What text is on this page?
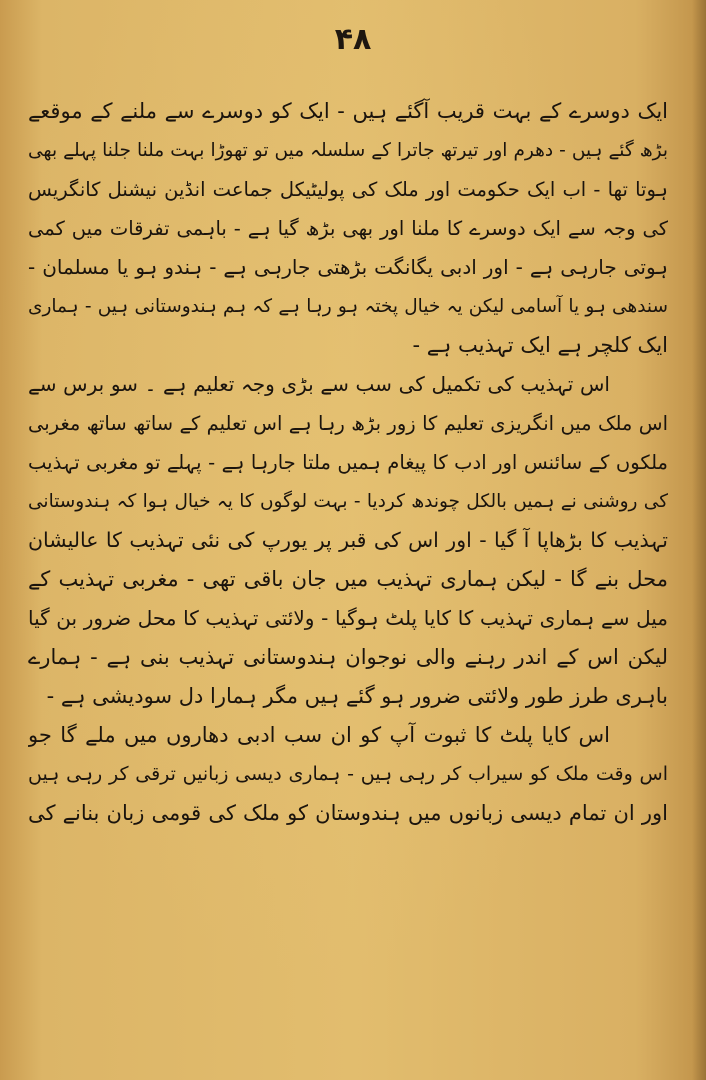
۴۸
ایک دوسرے کے بہت قریب آگئے ہیں - ایک کو دوسرے سے ملنے کے موقعے
بڑھ گئے ہیں - دھرم اور تیرتھ جاترا کے سلسلہ میں تو تھوڑا بہت ملنا جلنا پہلے بھی
ہوتا تھا - اب ایک حکومت اور ملک کی پولیٹیکل جماعت انڈین نیشنل کانگریس
کی وجہ سے ایک دوسرے کا ملنا اور بھی بڑھ گیا ہے - باہمی تفرقات میں کمی
ہوتی جارہی ہے - اور ادبی یگانگت بڑھتی جارہی ہے - ہندو ہو یا مسلمان -
سندھی ہو یا آسامی لیکن یہ خیال پختہ ہو رہا ہے کہ ہم ہندوستانی ہیں - ہماری
ایک کلچر ہے ایک تہذیب ہے -
اس تہذیب کی تکمیل کی سب سے بڑی وجہ تعلیم ہے ۔ سو برس سے
اس ملک میں انگریزی تعلیم کا زور بڑھ رہا ہے اس تعلیم کے ساتھ ساتھ مغربی
ملکوں کے سائنس اور ادب کا پیغام ہمیں ملتا جارہا ہے - پہلے تو مغربی تہذیب
کی روشنی نے ہمیں بالکل چوندھ کردیا - بہت لوگوں کا یہ خیال ہوا کہ ہندوستانی
تہذیب کا بڑھاپا آ گیا - اور اس کی قبر پر یورپ کی نئی تہذیب کا عالیشان
محل بنے گا - لیکن ہماری تہذیب میں جان باقی تھی - مغربی تہذیب کے
میل سے ہماری تہذیب کا کایا پلٹ ہوگیا - ولائتی تہذیب کا محل ضرور بن گیا
لیکن اس کے اندر رہنے والی نوجوان ہندوستانی تہذیب بنی ہے - ہمارے
باہری طرز طور ولائتی ضرور ہو گئے ہیں مگر ہمارا دل سودیشی ہے -
اس کایا پلٹ کا ثبوت آپ کو ان سب ادبی دھاروں میں ملے گا جو
اس وقت ملک کو سیراب کر رہی ہیں - ہماری دیسی زبانیں ترقی کر رہی ہیں
اور ان تمام دیسی زبانوں میں ہندوستان کو ملک کی قومی زبان بنانے کی
